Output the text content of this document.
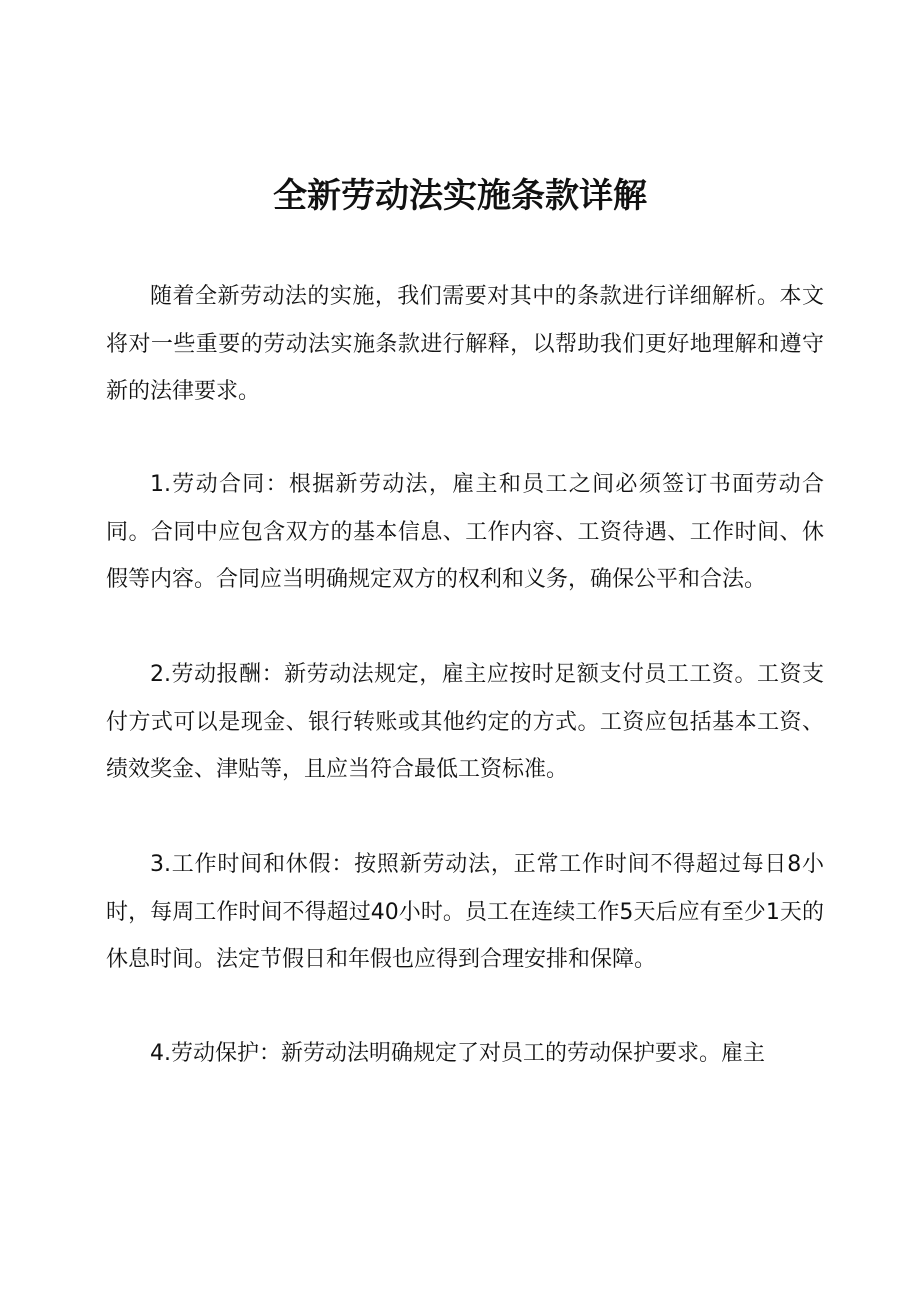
全新劳动法实施条款详解

随着全新劳动法的实施，我们需要对其中的条款进行详细解析。本文将对一些重要的劳动法实施条款进行解释，以帮助我们更好地理解和遵守新的法律要求。

1.劳动合同：根据新劳动法，雇主和员工之间必须签订书面劳动合同。合同中应包含双方的基本信息、工作内容、工资待遇、工作时间、休假等内容。合同应当明确规定双方的权利和义务，确保公平和合法。

2.劳动报酬：新劳动法规定，雇主应按时足额支付员工工资。工资支付方式可以是现金、银行转账或其他约定的方式。工资应包括基本工资、绩效奖金、津贴等，且应当符合最低工资标准。

3.工作时间和休假：按照新劳动法，正常工作时间不得超过每日8小时，每周工作时间不得超过40小时。员工在连续工作5天后应有至少1天的休息时间。法定节假日和年假也应得到合理安排和保障。

4.劳动保护：新劳动法明确规定了对员工的劳动保护要求。雇主
